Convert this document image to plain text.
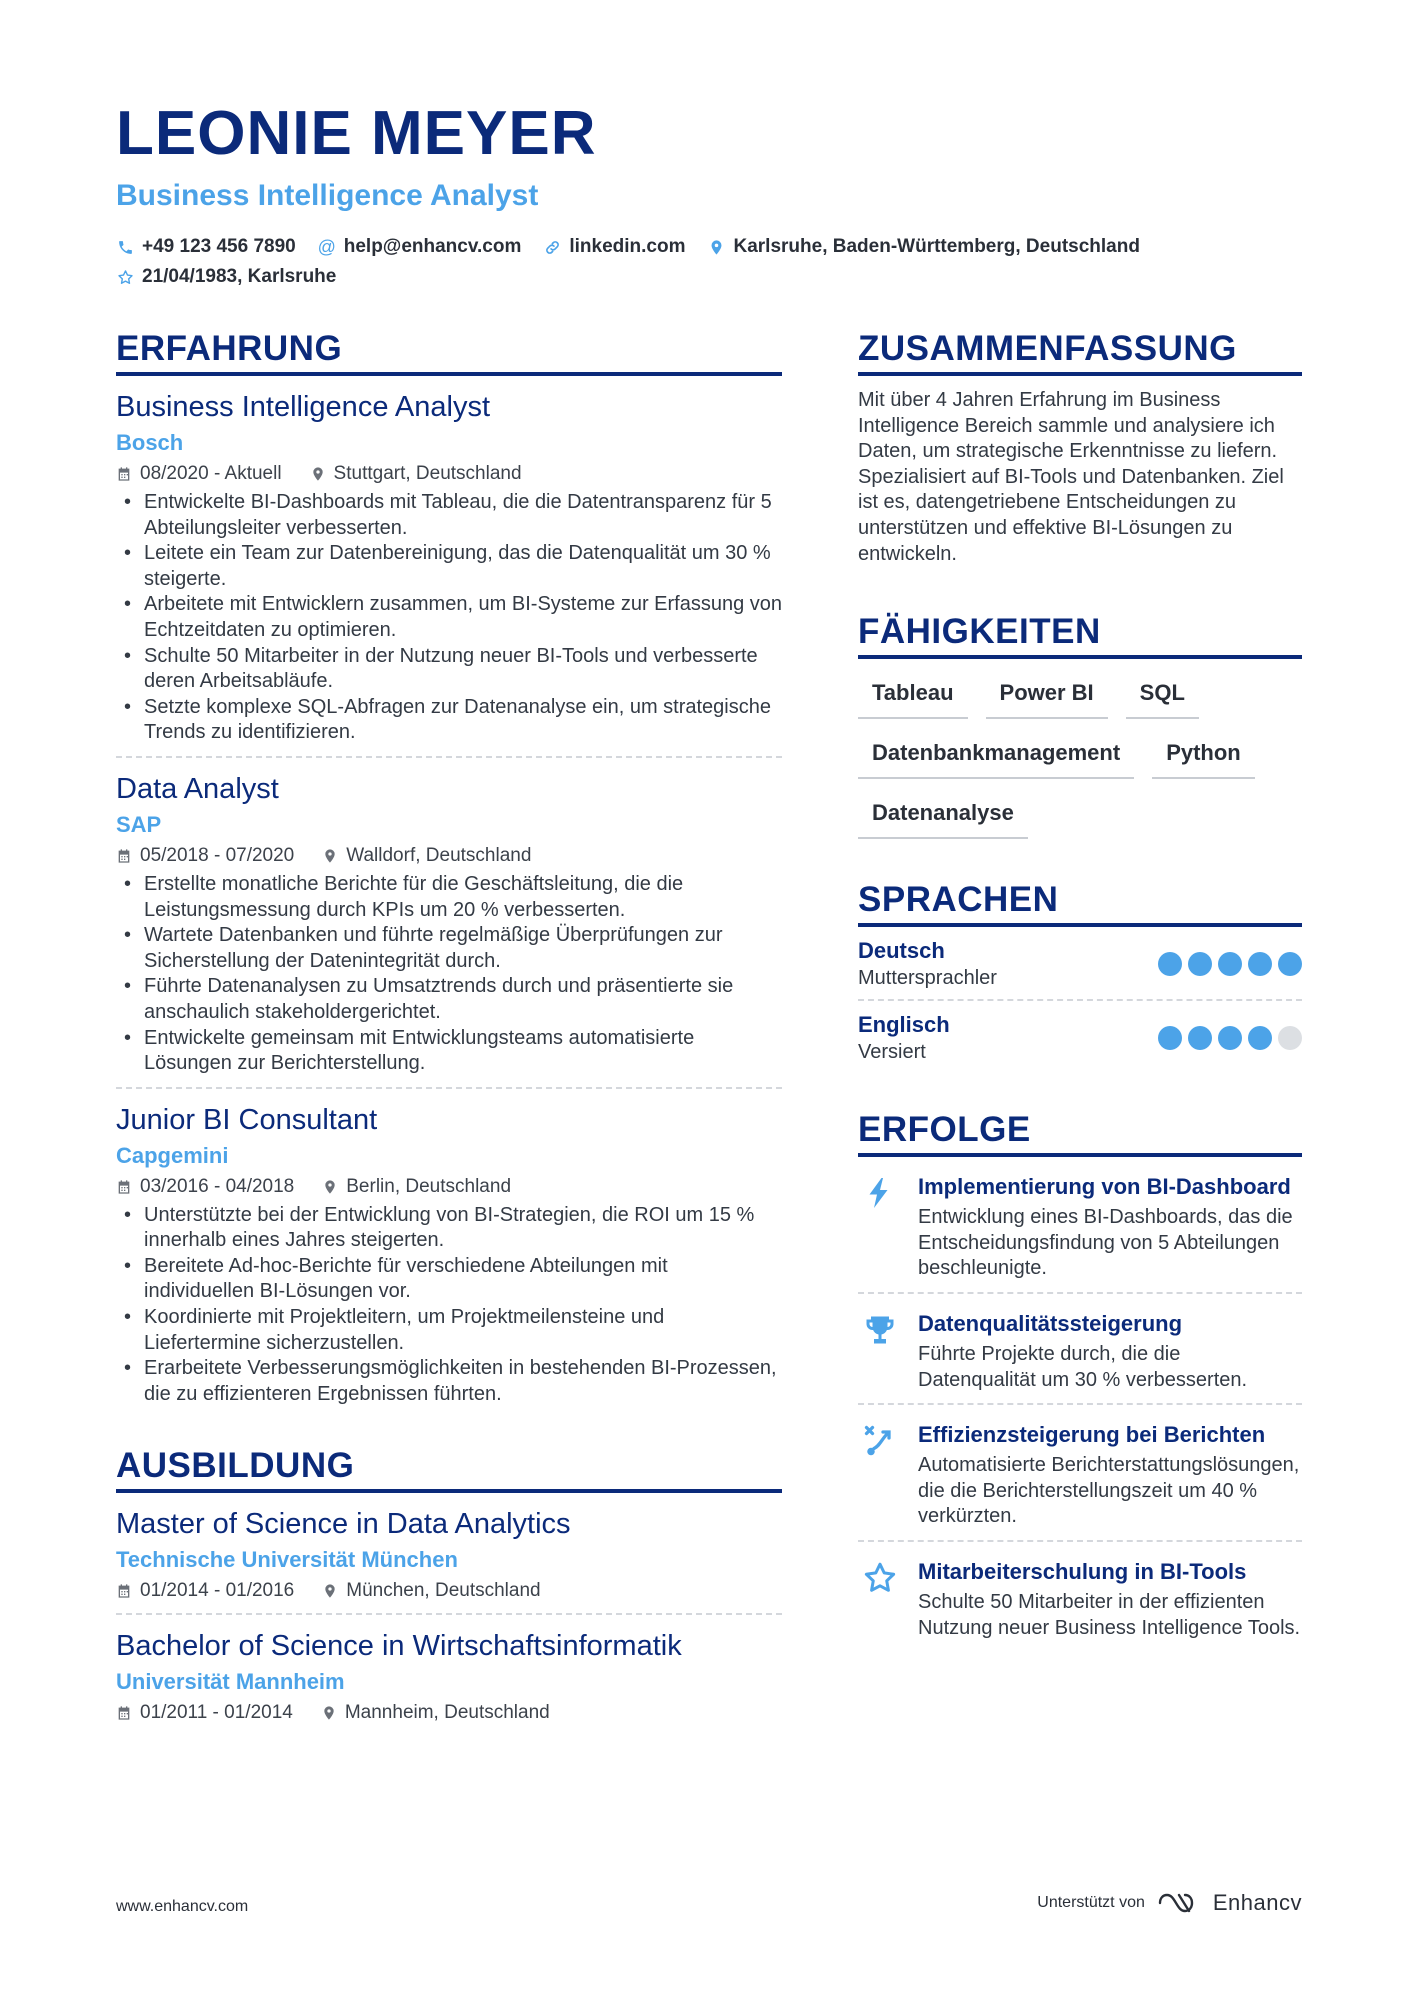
LEONIE MEYER
Business Intelligence Analyst
+49 123 456 7890 @ help@enhancv.com	linkedin.com	Karlsruhe, Baden-Württemberg, Deutschland
21/04/1983, Karlsruhe
ERFAHRUNG
Business Intelligence Analyst
Bosch
08/2020 - Aktuell	Stuttgart, Deutschland
• Entwickelte BI-Dashboards mit Tableau, die die Datentransparenz für 5 Abteilungsleiter verbesserten.
• Leitete ein Team zur Datenbereinigung, das die Datenqualität um 30 % steigerte.
• Arbeitete mit Entwicklern zusammen, um BI-Systeme zur Erfassung von Echtzeitdaten zu optimieren.
• Schulte 50 Mitarbeiter in der Nutzung neuer BI-Tools und verbesserte deren Arbeitsabläufe.
• Setzte komplexe SQL-Abfragen zur Datenanalyse ein, um strategische Trends zu identifizieren.
Data Analyst
SAP
05/2018 - 07/2020	Walldorf, Deutschland
• Erstellte monatliche Berichte für die Geschäftsleitung, die die Leistungsmessung durch KPIs um 20 % verbesserten.
• Wartete Datenbanken und führte regelmäßige Überprüfungen zur Sicherstellung der Datenintegrität durch.
• Führte Datenanalysen zu Umsatztrends durch und präsentierte sie anschaulich stakeholdergerichtet.
• Entwickelte gemeinsam mit Entwicklungsteams automatisierte Lösungen zur Berichterstellung.
Junior BI Consultant
Capgemini
03/2016 - 04/2018	Berlin, Deutschland
• Unterstützte bei der Entwicklung von BI-Strategien, die ROI um 15 % innerhalb eines Jahres steigerten.
• Bereitete Ad-hoc-Berichte für verschiedene Abteilungen mit individuellen BI-Lösungen vor.
• Koordinierte mit Projektleitern, um Projektmeilensteine und Liefertermine sicherzustellen.
• Erarbeitete Verbesserungsmöglichkeiten in bestehenden BI-Prozessen, die zu effizienteren Ergebnissen führten.
AUSBILDUNG
Master of Science in Data Analytics
Technische Universität München
01/2014 - 01/2016	München, Deutschland
Bachelor of Science in Wirtschaftsinformatik
Universität Mannheim
01/2011 - 01/2014	Mannheim, Deutschland
ZUSAMMENFASSUNG
Mit über 4 Jahren Erfahrung im Business Intelligence Bereich sammle und analysiere ich Daten, um strategische Erkenntnisse zu liefern. Spezialisiert auf BI-Tools und Datenbanken. Ziel ist es, datengetriebene Entscheidungen zu unterstützen und effektive BI-Lösungen zu entwickeln.
FÄHIGKEITEN
Tableau	Power BI	SQL
Datenbankmanagement	Python
Datenanalyse
SPRACHEN
Deutsch
Muttersprachler
Englisch
Versiert
ERFOLGE
Implementierung von BI-Dashboard
Entwicklung eines BI-Dashboards, das die Entscheidungsfindung von 5 Abteilungen beschleunigte.
Datenqualitätssteigerung
Führte Projekte durch, die die Datenqualität um 30 % verbesserten.
Effizienzsteigerung bei Berichten
Automatisierte Berichterstattungslösungen, die die Berichterstellungszeit um 40 % verkürzten.
Mitarbeiterschulung in BI-Tools
Schulte 50 Mitarbeiter in der effizienten Nutzung neuer Business Intelligence Tools.
www.enhancv.com	Unterstützt von	Enhancv
